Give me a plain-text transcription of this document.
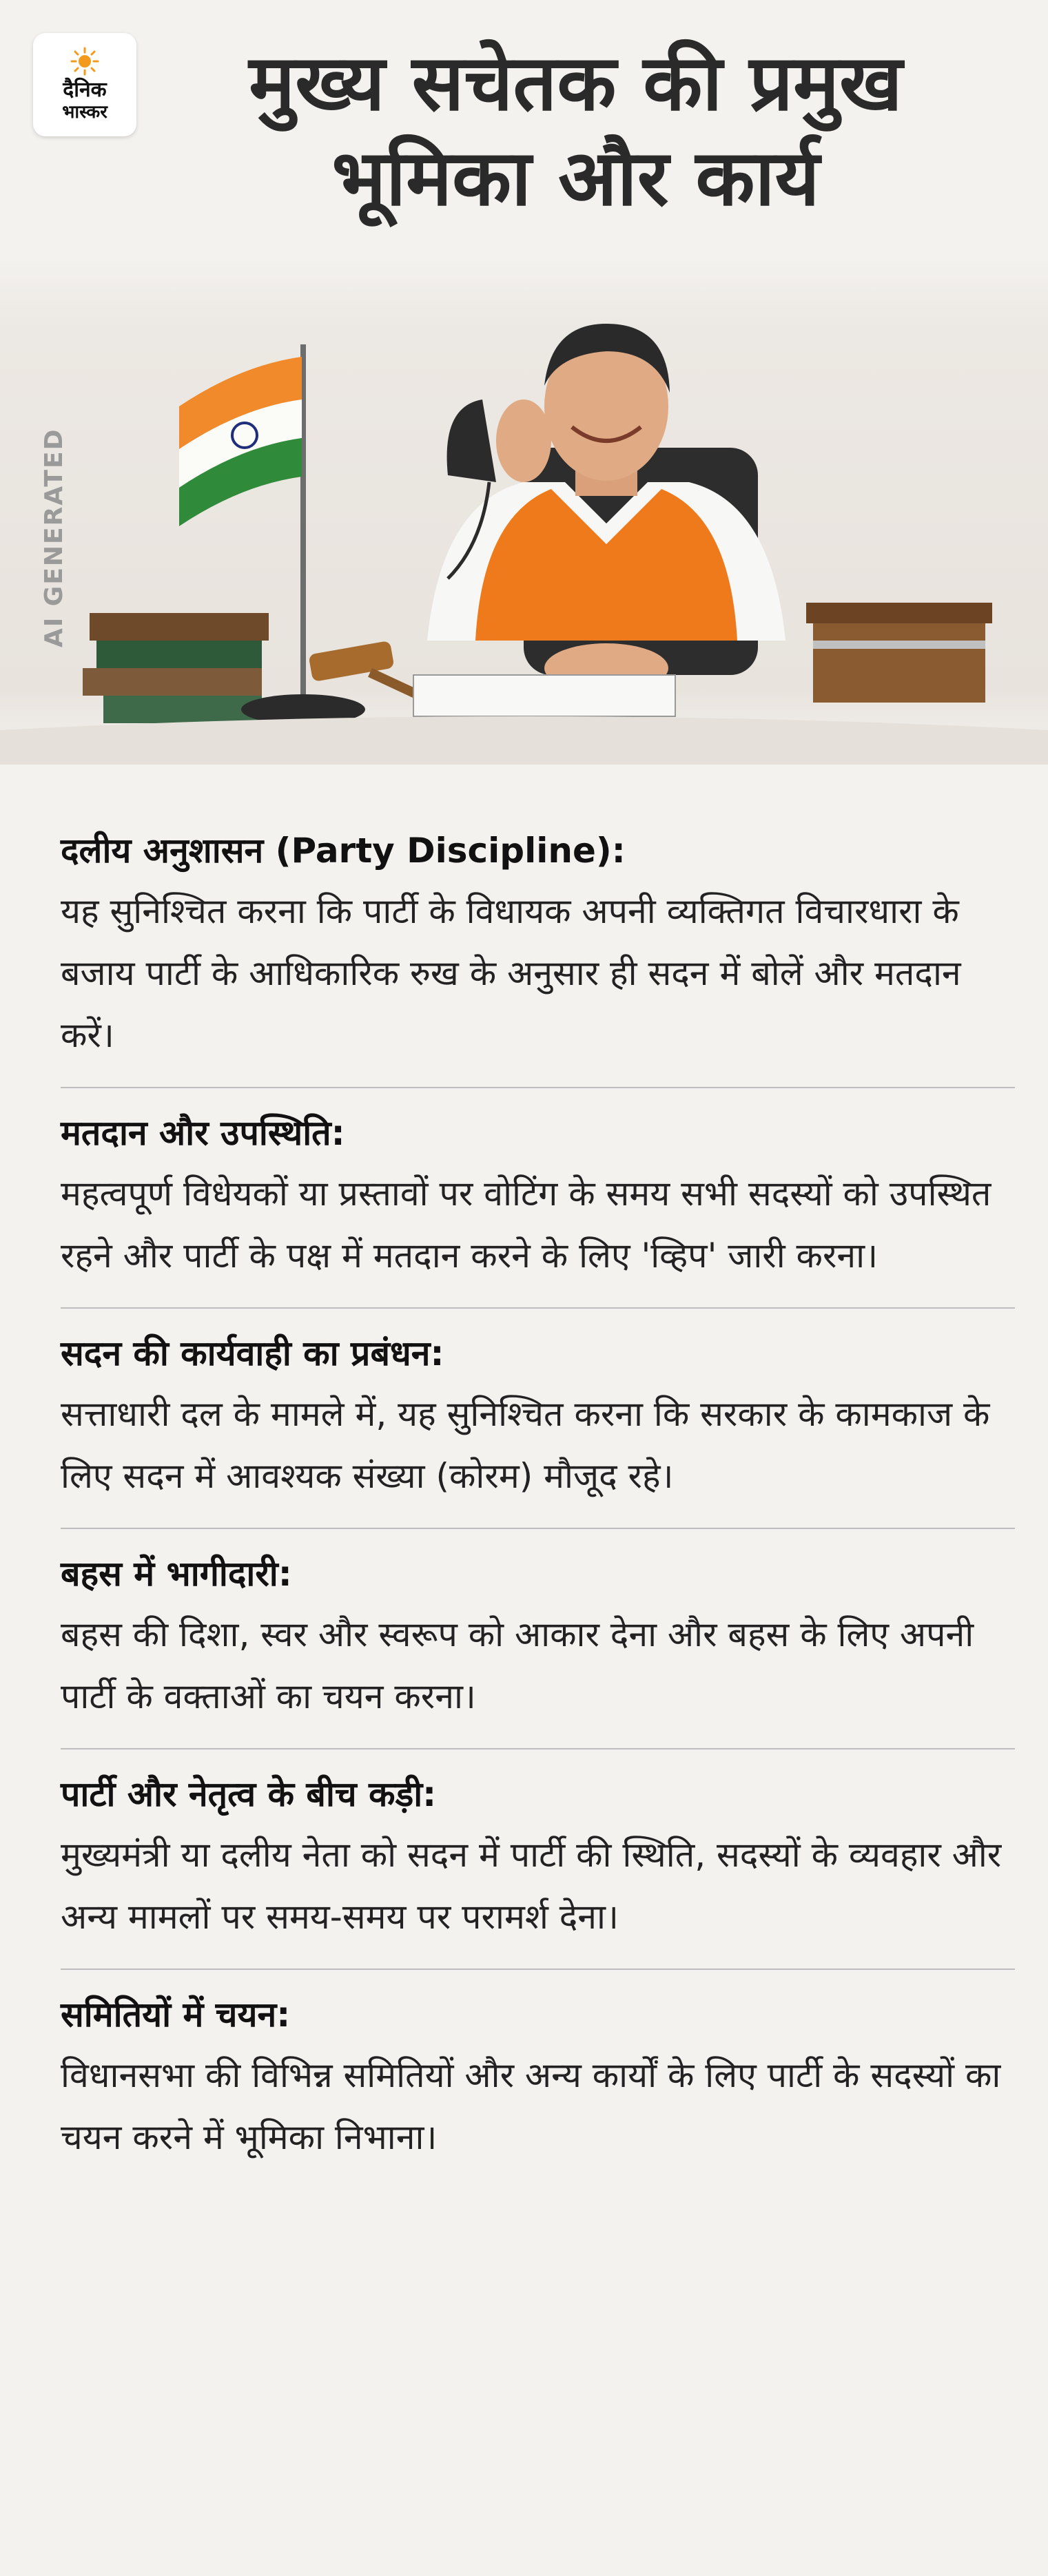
दैनिक
भास्कर	मुख्य सचेतक की प्रमुख भूमिका और कार्य
AI GENERATED
दलीय अनुशासन (Party Discipline):

यह सुनिश्चित करना कि पार्टी के विधायक अपनी व्यक्तिगत विचारधारा के बजाय पार्टी के आधिकारिक रुख के अनुसार ही सदन में बोलें और मतदान करें।

मतदान और उपस्थिति:

महत्वपूर्ण विधेयकों या प्रस्तावों पर वोटिंग के समय सभी सदस्यों को उपस्थित रहने और पार्टी के पक्ष में मतदान करने के लिए 'व्हिप' जारी करना।

सदन की कार्यवाही का प्रबंधन:

सत्ताधारी दल के मामले में, यह सुनिश्चित करना कि सरकार के कामकाज के लिए सदन में आवश्यक संख्या (कोरम) मौजूद रहे।

बहस में भागीदारी:

बहस की दिशा, स्वर और स्वरूप को आकार देना और बहस के लिए अपनी पार्टी के वक्ताओं का चयन करना।

पार्टी और नेतृत्व के बीच कड़ी:

मुख्यमंत्री या दलीय नेता को सदन में पार्टी की स्थिति, सदस्यों के व्यवहार और अन्य मामलों पर समय-समय पर परामर्श देना।

समितियों में चयन:

विधानसभा की विभिन्न समितियों और अन्य कार्यों के लिए पार्टी के सदस्यों का चयन करने में भूमिका निभाना।
